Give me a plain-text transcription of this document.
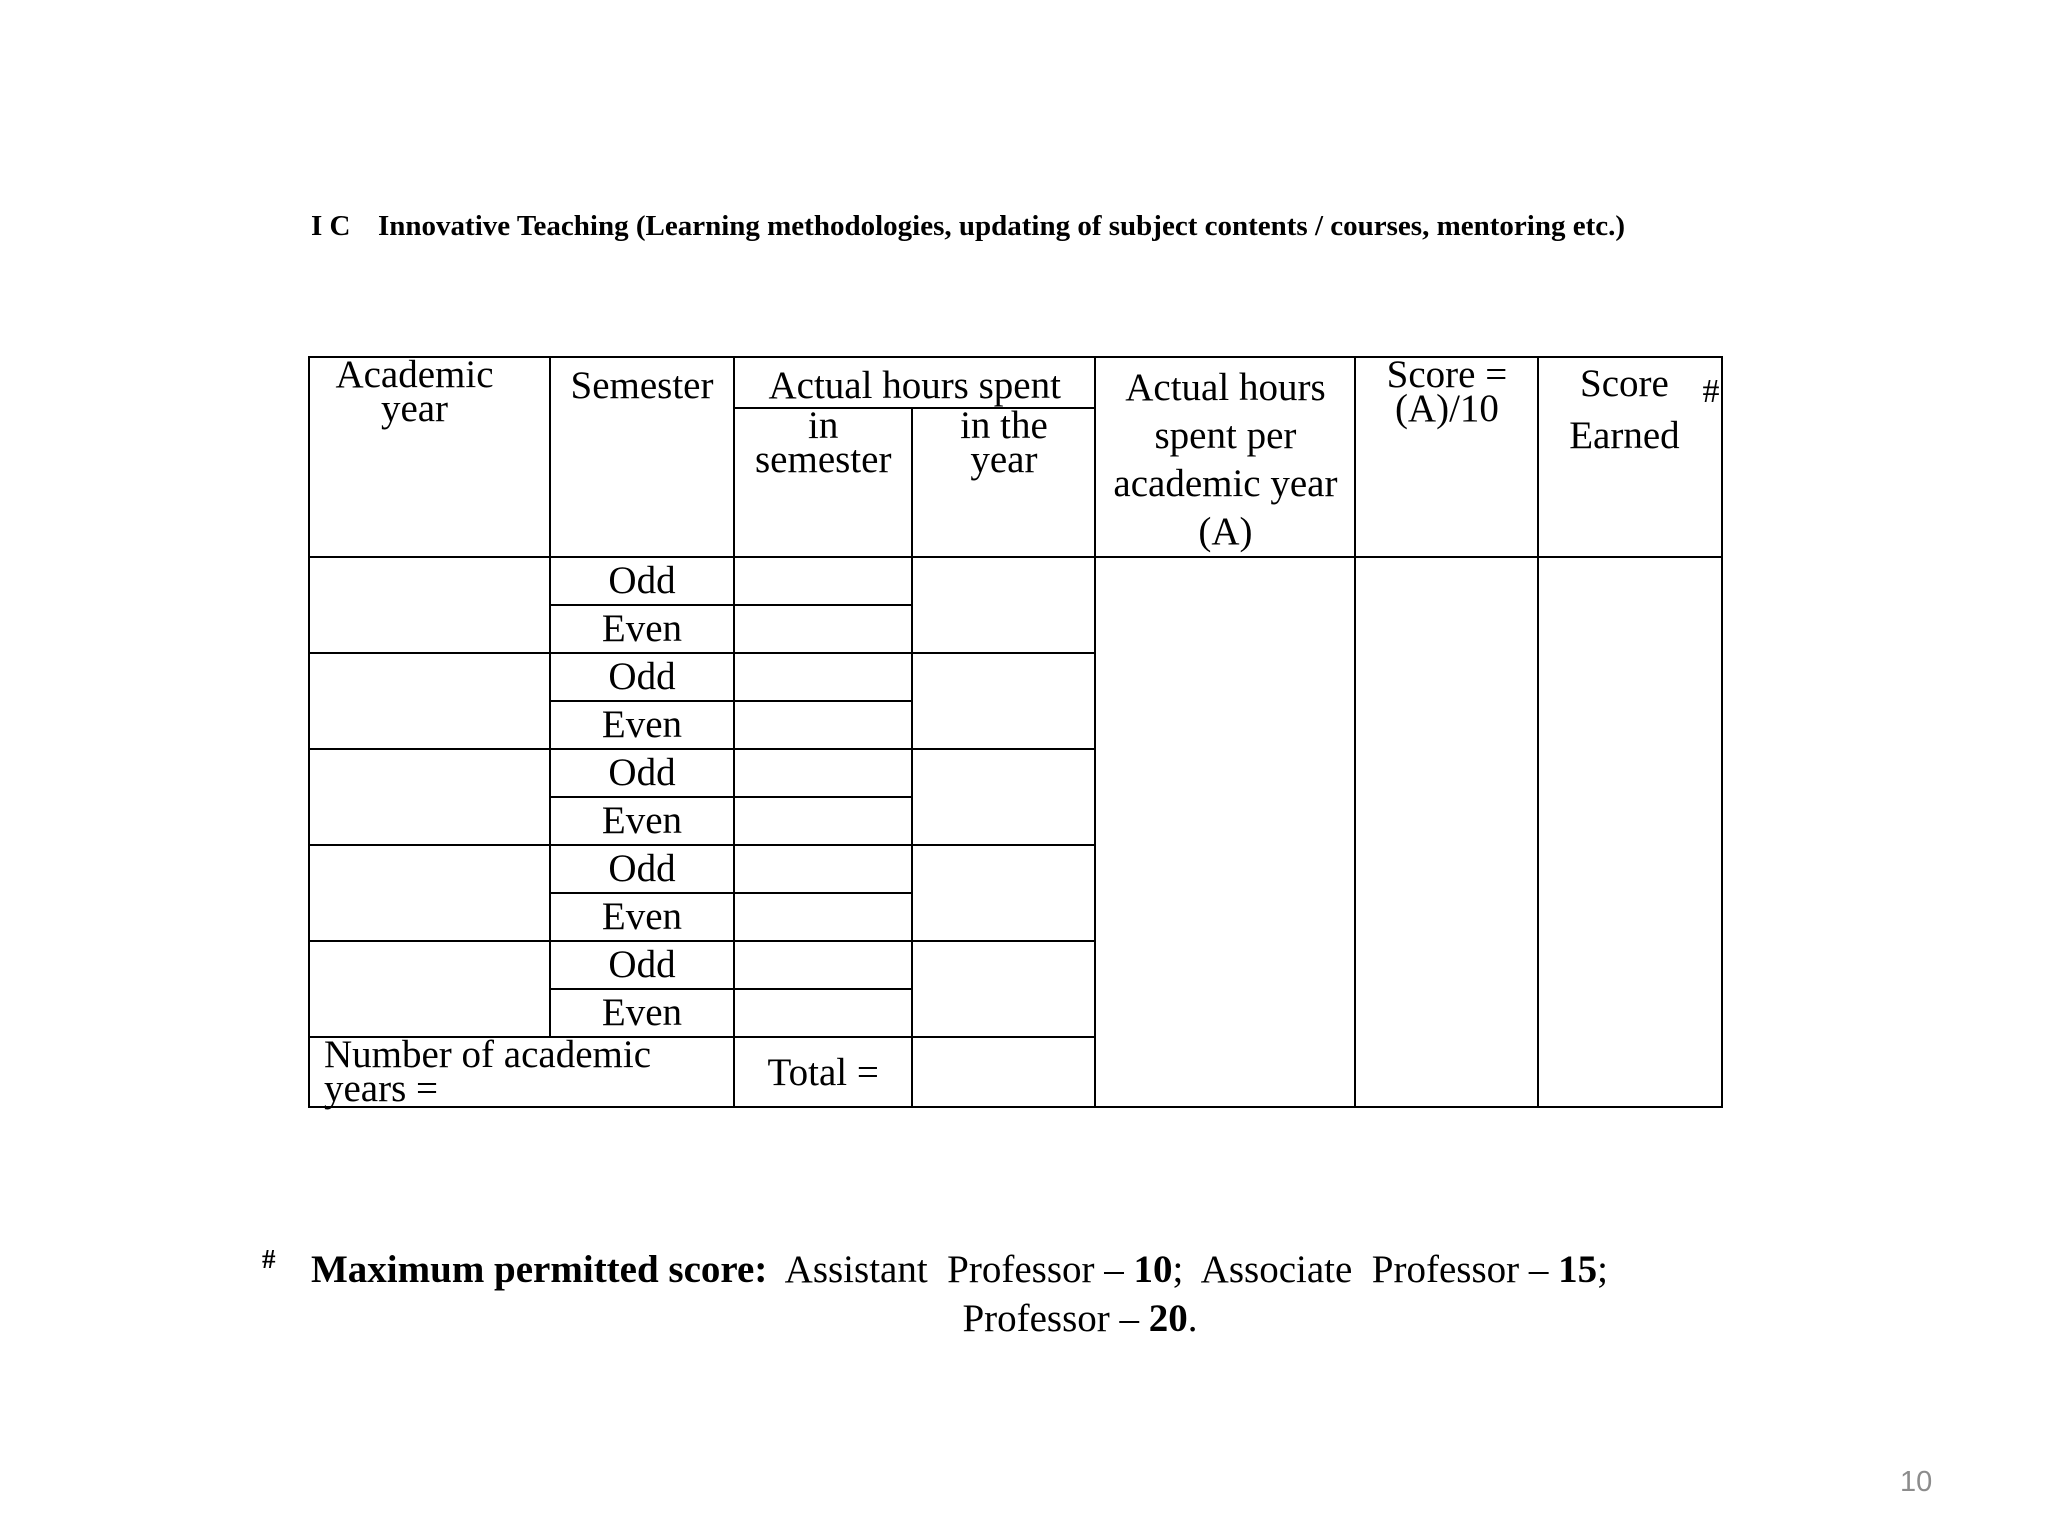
I C Innovative Teaching (Learning methodologies, updating of subject contents / courses, mentoring etc.)
Academic year	Semester	Actual hours spent		Actual hours spent per academic year (A)	Score = (A)/10	Score Earned
#

		in semester	in the year			

	Odd					
	Even					
	Odd					
	Even					
	Odd					
	Even					
	Odd					
	Even					
	Odd					
	Even					
Number of academic years =		Total =				
# Maximum permitted score:  Assistant  Professor – 10;  Associate  Professor – 15;
Professor – 20.
10
